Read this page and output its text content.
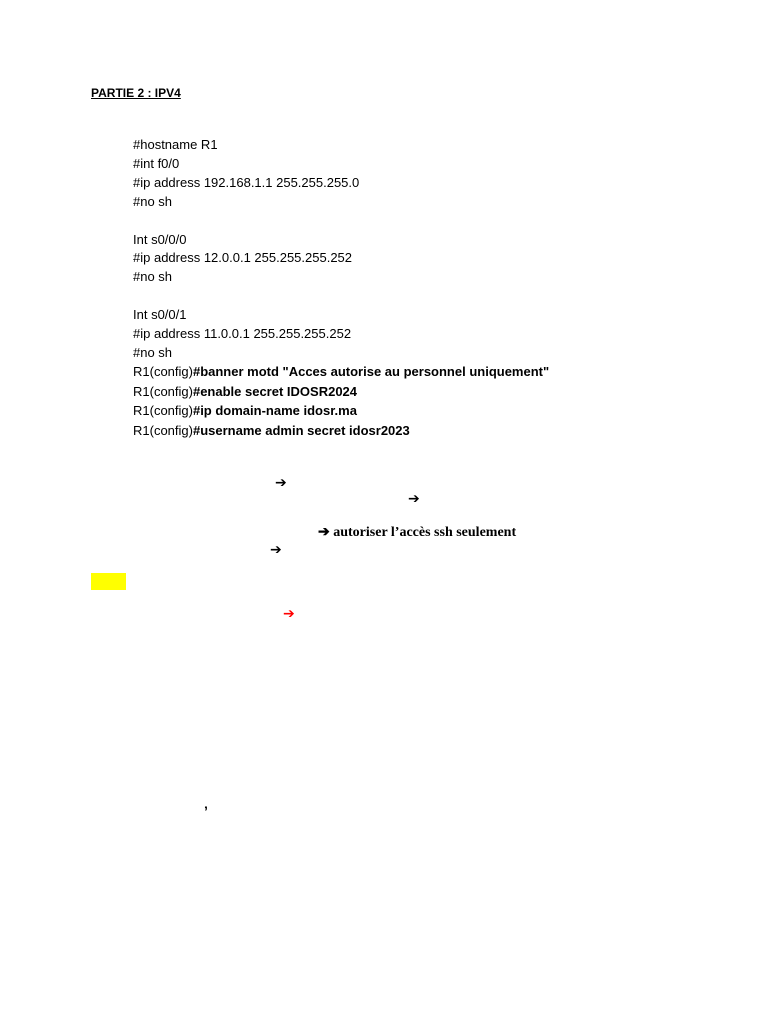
PARTIE 2 : IPV4
#hostname R1
#int f0/0
#ip address 192.168.1.1 255.255.255.0
#no sh
Int s0/0/0
#ip address 12.0.0.1 255.255.255.252
#no sh
Int s0/0/1
#ip address 11.0.0.1 255.255.255.252
#no sh
R1(config)#banner motd "Acces autorise au personnel uniquement"
R1(config)#enable secret IDOSR2024
R1(config)#ip domain-name idosr.ma
R1(config)#username admin secret idosr2023
➔
➔
➔ autoriser l’accès ssh seulement
➔
➔
’
